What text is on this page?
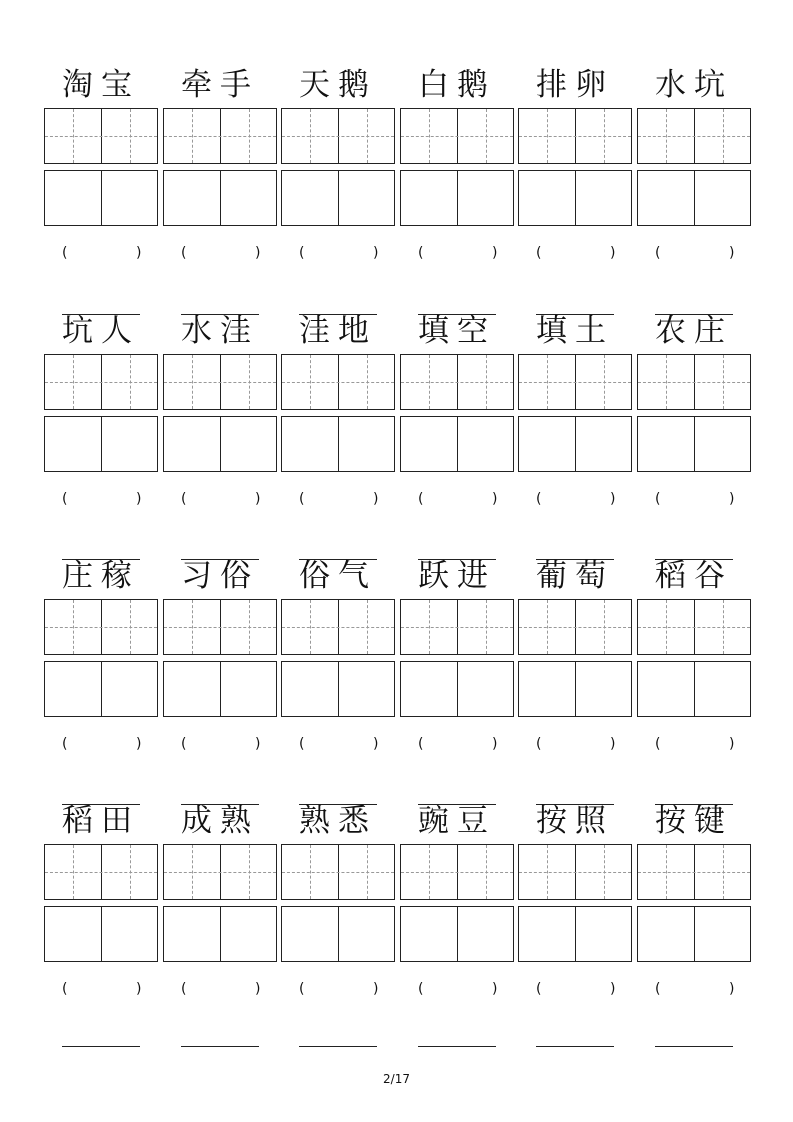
淘宝
(	)
牵手
(	)
天鹅
(	)
白鹅
(	)
排卵
(	)
水坑
(	)
坑人
(	)
水洼
(	)
洼地
(	)
填空
(	)
填土
(	)
农庄
(	)
庄稼
(	)
习俗
(	)
俗气
(	)
跃进
(	)
葡萄
(	)
稻谷
(	)
稻田
(	)
成熟
(	)
熟悉
(	)
豌豆
(	)
按照
(	)
按键
(	)
2/17
